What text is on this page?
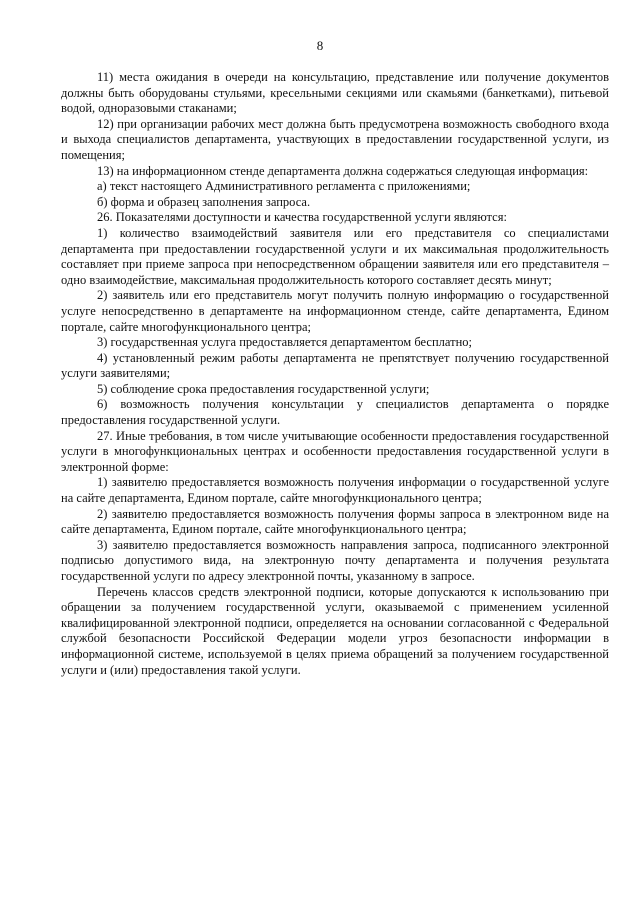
8

11) места ожидания в очереди на консультацию, представление или получение документов должны быть оборудованы стульями, кресельными секциями или скамьями (банкетками), питьевой водой, одноразовыми стаканами;

12) при организации рабочих мест должна быть предусмотрена возможность свободного входа и выхода специалистов департамента, участвующих в предоставлении государственной услуги, из помещения;

13) на информационном стенде департамента должна содержаться следующая информация:

а) текст настоящего Административного регламента с приложениями;

б) форма и образец заполнения запроса.

26. Показателями доступности и качества государственной услуги являются:

1) количество взаимодействий заявителя или его представителя со специалистами департамента при предоставлении государственной услуги и их максимальная продолжительность составляет при приеме запроса при непосредственном обращении заявителя или его представителя – одно взаимодействие, максимальная продолжительность которого составляет десять минут;

2) заявитель или его представитель могут получить полную информацию о государственной услуге непосредственно в департаменте на информационном стенде, сайте департамента, Едином портале, сайте многофункционального центра;

3) государственная услуга предоставляется департаментом бесплатно;

4) установленный режим работы департамента не препятствует получению государственной услуги заявителями;

5) соблюдение срока предоставления государственной услуги;

6) возможность получения консультации у специалистов департамента о порядке предоставления государственной услуги.

27. Иные требования, в том числе учитывающие особенности предоставления государственной услуги в многофункциональных центрах и особенности предоставления государственной услуги в электронной форме:

1) заявителю предоставляется возможность получения информации о государственной услуге на сайте департамента, Едином портале, сайте многофункционального центра;

2) заявителю предоставляется возможность получения формы запроса в электронном виде на сайте департамента, Едином портале, сайте многофункционального центра;

3) заявителю предоставляется возможность направления запроса, подписанного электронной подписью допустимого вида, на электронную почту департамента и получения результата государственной услуги по адресу электронной почты, указанному в запросе.

Перечень классов средств электронной подписи, которые допускаются к использованию при обращении за получением государственной услуги, оказываемой с применением усиленной квалифицированной электронной подписи, определяется на основании согласованной с Федеральной службой безопасности Российской Федерации модели угроз безопасности информации в информационной системе, используемой в целях приема обращений за получением государственной услуги и (или) предоставления такой услуги.
